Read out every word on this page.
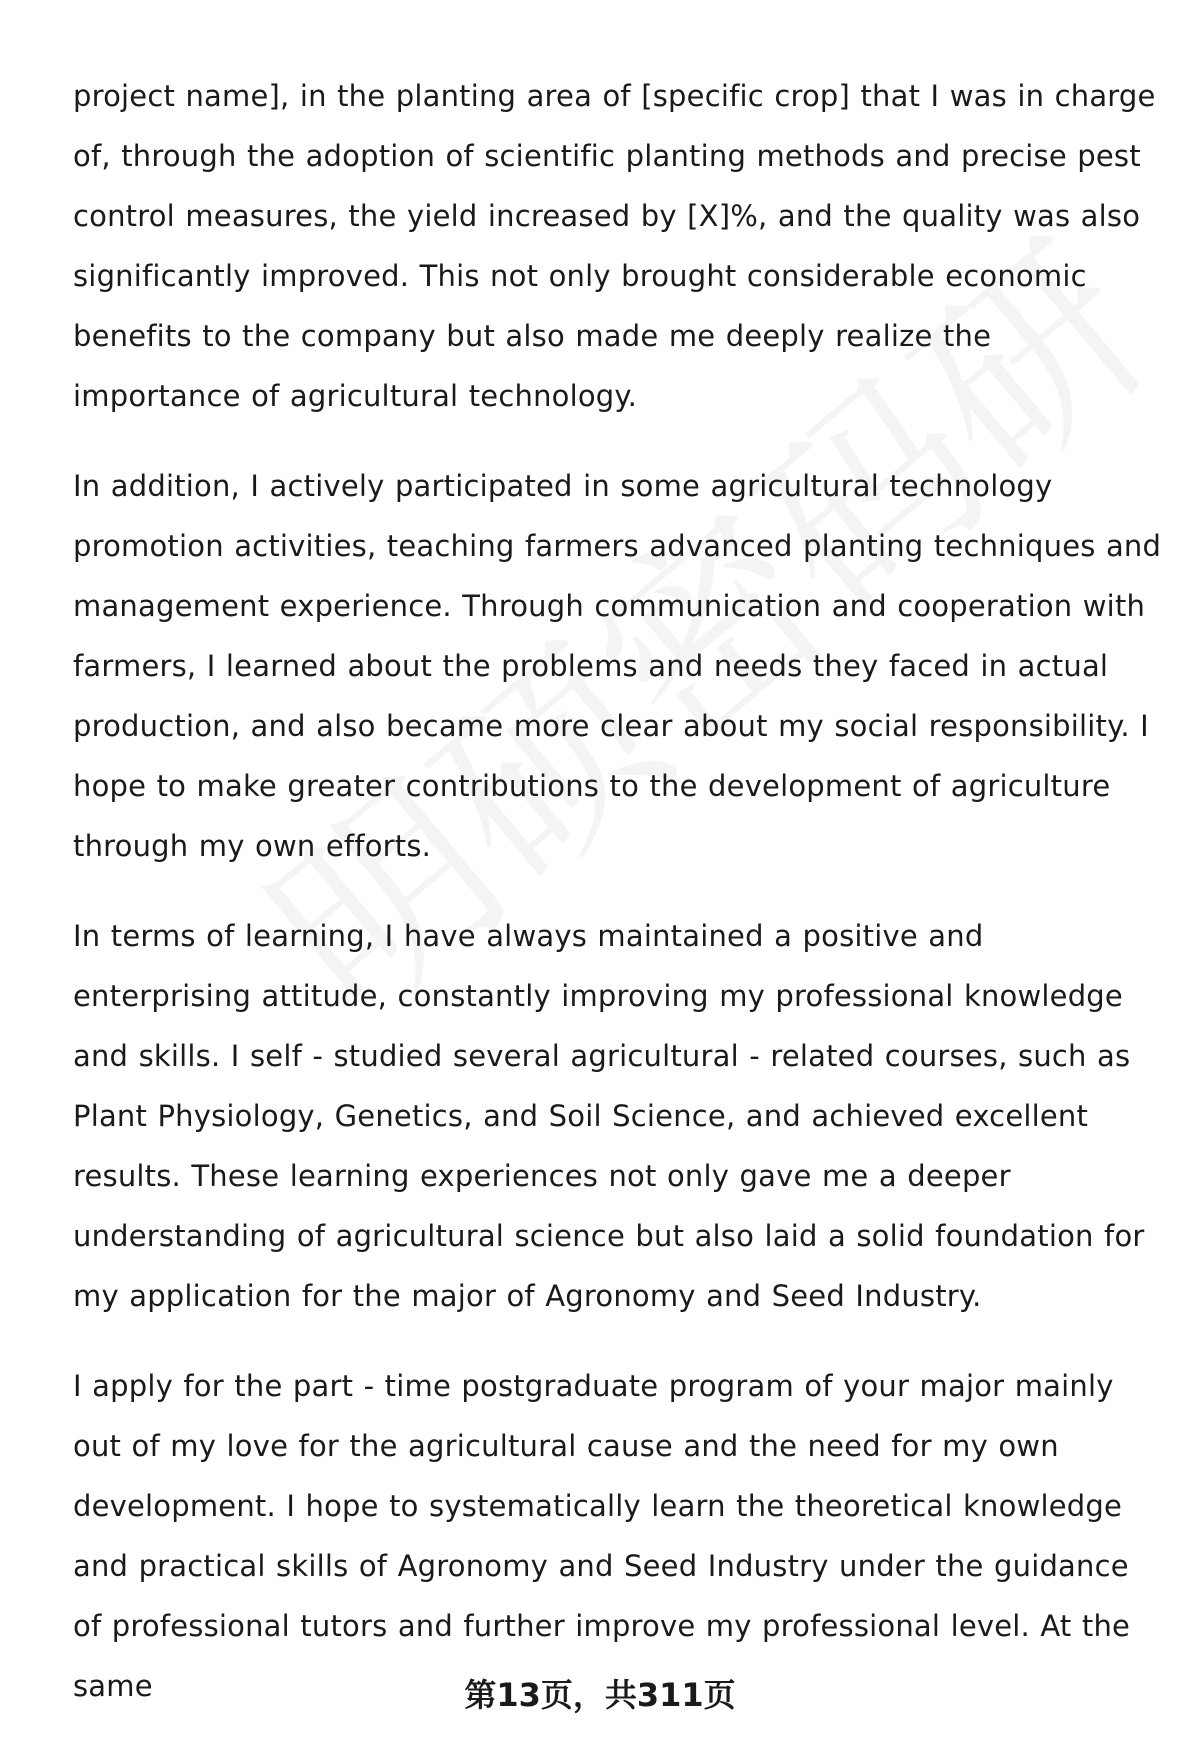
project name], in the planting area of [specific crop] that I was in charge of, through the adoption of scientific planting methods and precise pest control measures, the yield increased by [X]%, and the quality was also significantly improved. This not only brought considerable economic benefits to the company but also made me deeply realize the importance of agricultural technology.

In addition, I actively participated in some agricultural technology promotion activities, teaching farmers advanced planting techniques and management experience. Through communication and cooperation with farmers, I learned about the problems and needs they faced in actual production, and also became more clear about my social responsibility. I hope to make greater contributions to the development of agriculture through my own efforts.

In terms of learning, I have always maintained a positive and enterprising attitude, constantly improving my professional knowledge and skills. I self - studied several agricultural - related courses, such as Plant Physiology, Genetics, and Soil Science, and achieved excellent results. These learning experiences not only gave me a deeper understanding of agricultural science but also laid a solid foundation for my application for the major of Agronomy and Seed Industry.

I apply for the part - time postgraduate program of your major mainly out of my love for the agricultural cause and the need for my own development. I hope to systematically learn the theoretical knowledge and practical skills of Agronomy and Seed Industry under the guidance of professional tutors and further improve my professional level. At the same	第13页，共311页
